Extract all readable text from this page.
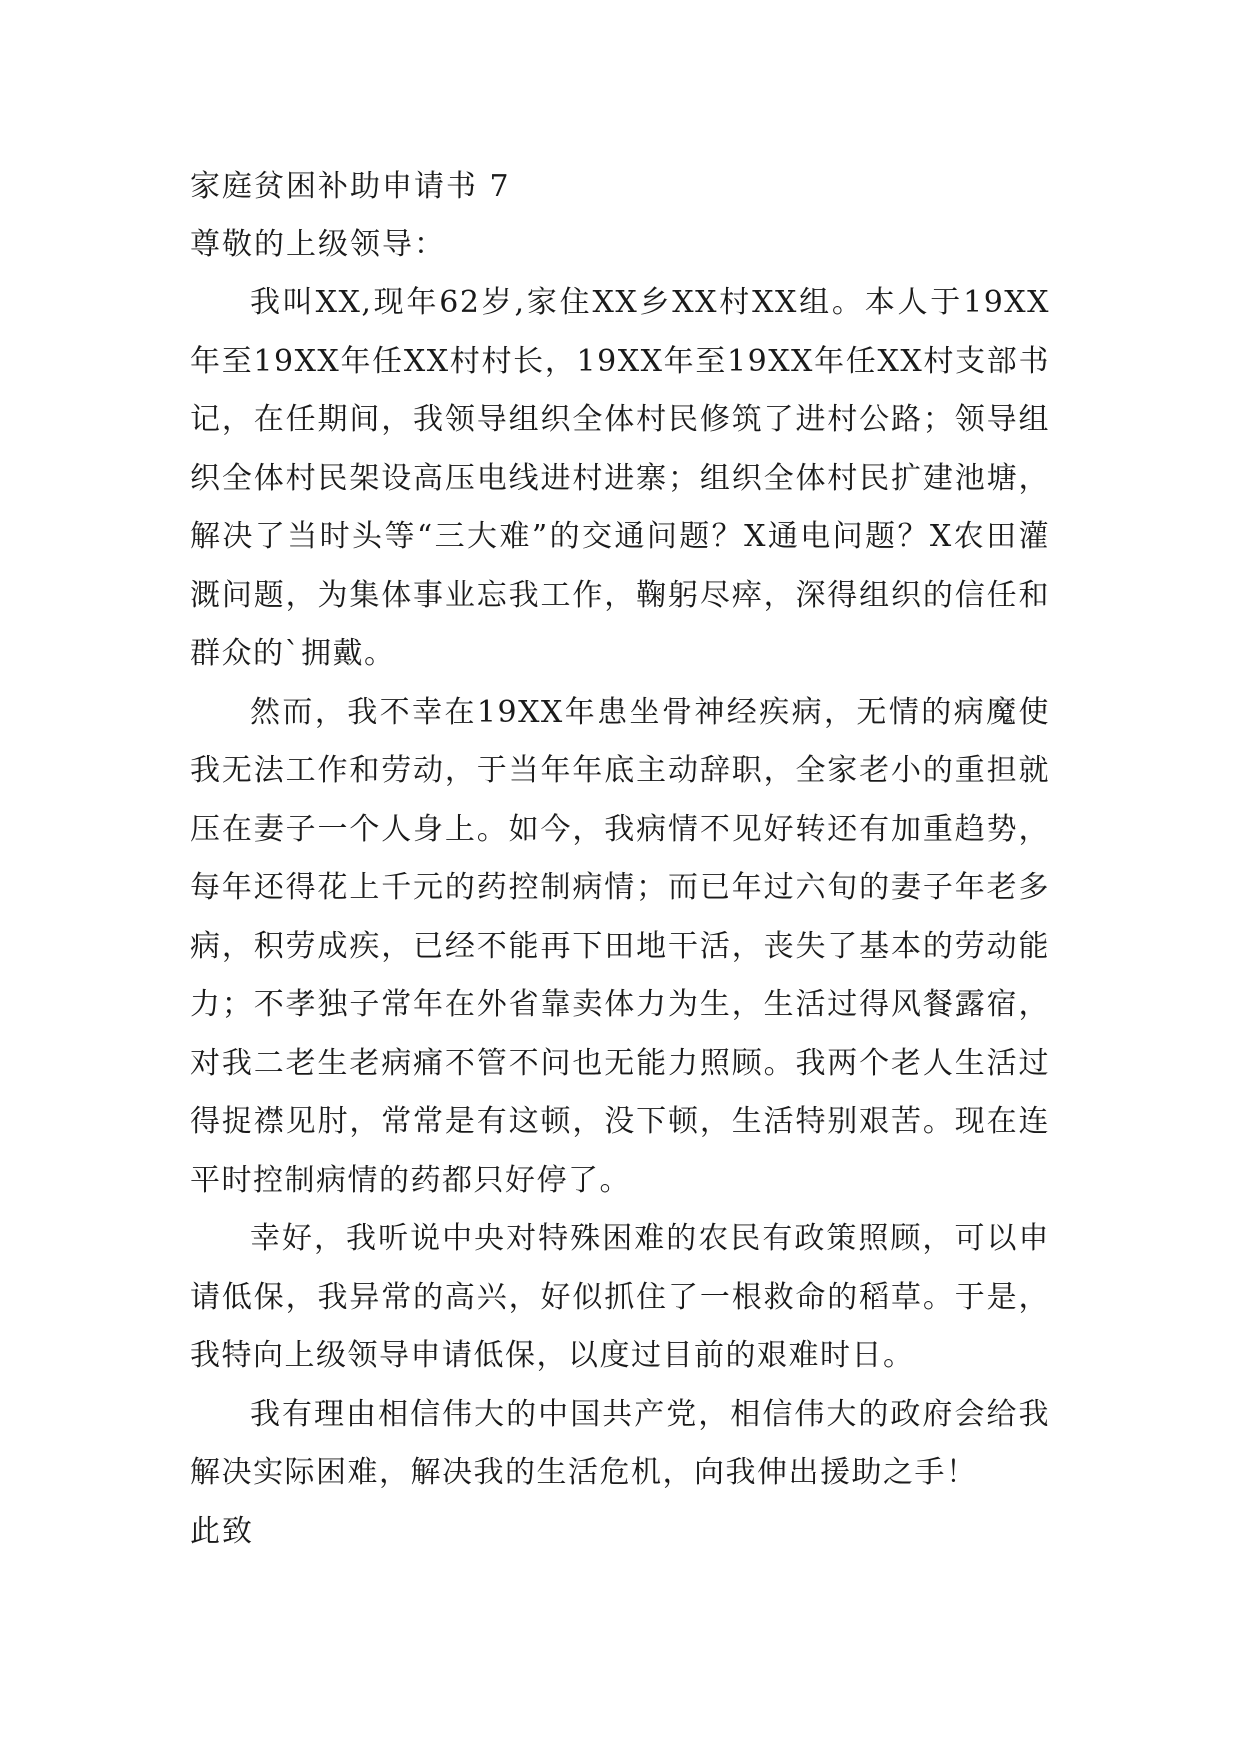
家庭贫困补助申请书 7
尊敬的上级领导：

我叫XX,现年62岁,家住XX乡XX村XX组。本人于19XX年至19XX年任XX村村长，19XX年至19XX年任XX村支部书记，在任期间，我领导组织全体村民修筑了进村公路；领导组织全体村民架设高压电线进村进寨；组织全体村民扩建池塘，解决了当时头等“三大难”的交通问题？X通电问题？X农田灌溉问题，为集体事业忘我工作，鞠躬尽瘁，深得组织的信任和群众的`拥戴。

然而，我不幸在19XX年患坐骨神经疾病，无情的病魔使我无法工作和劳动，于当年年底主动辞职，全家老小的重担就压在妻子一个人身上。如今，我病情不见好转还有加重趋势，每年还得花上千元的药控制病情；而已年过六旬的妻子年老多病，积劳成疾，已经不能再下田地干活，丧失了基本的劳动能力；不孝独子常年在外省靠卖体力为生，生活过得风餐露宿，对我二老生老病痛不管不问也无能力照顾。我两个老人生活过得捉襟见肘，常常是有这顿，没下顿，生活特别艰苦。现在连平时控制病情的药都只好停了。

幸好，我听说中央对特殊困难的农民有政策照顾，可以申请低保，我异常的高兴，好似抓住了一根救命的稻草。于是，我特向上级领导申请低保，以度过目前的艰难时日。

我有理由相信伟大的中国共产党，相信伟大的政府会给我解决实际困难，解决我的生活危机，向我伸出援助之手！

此致
